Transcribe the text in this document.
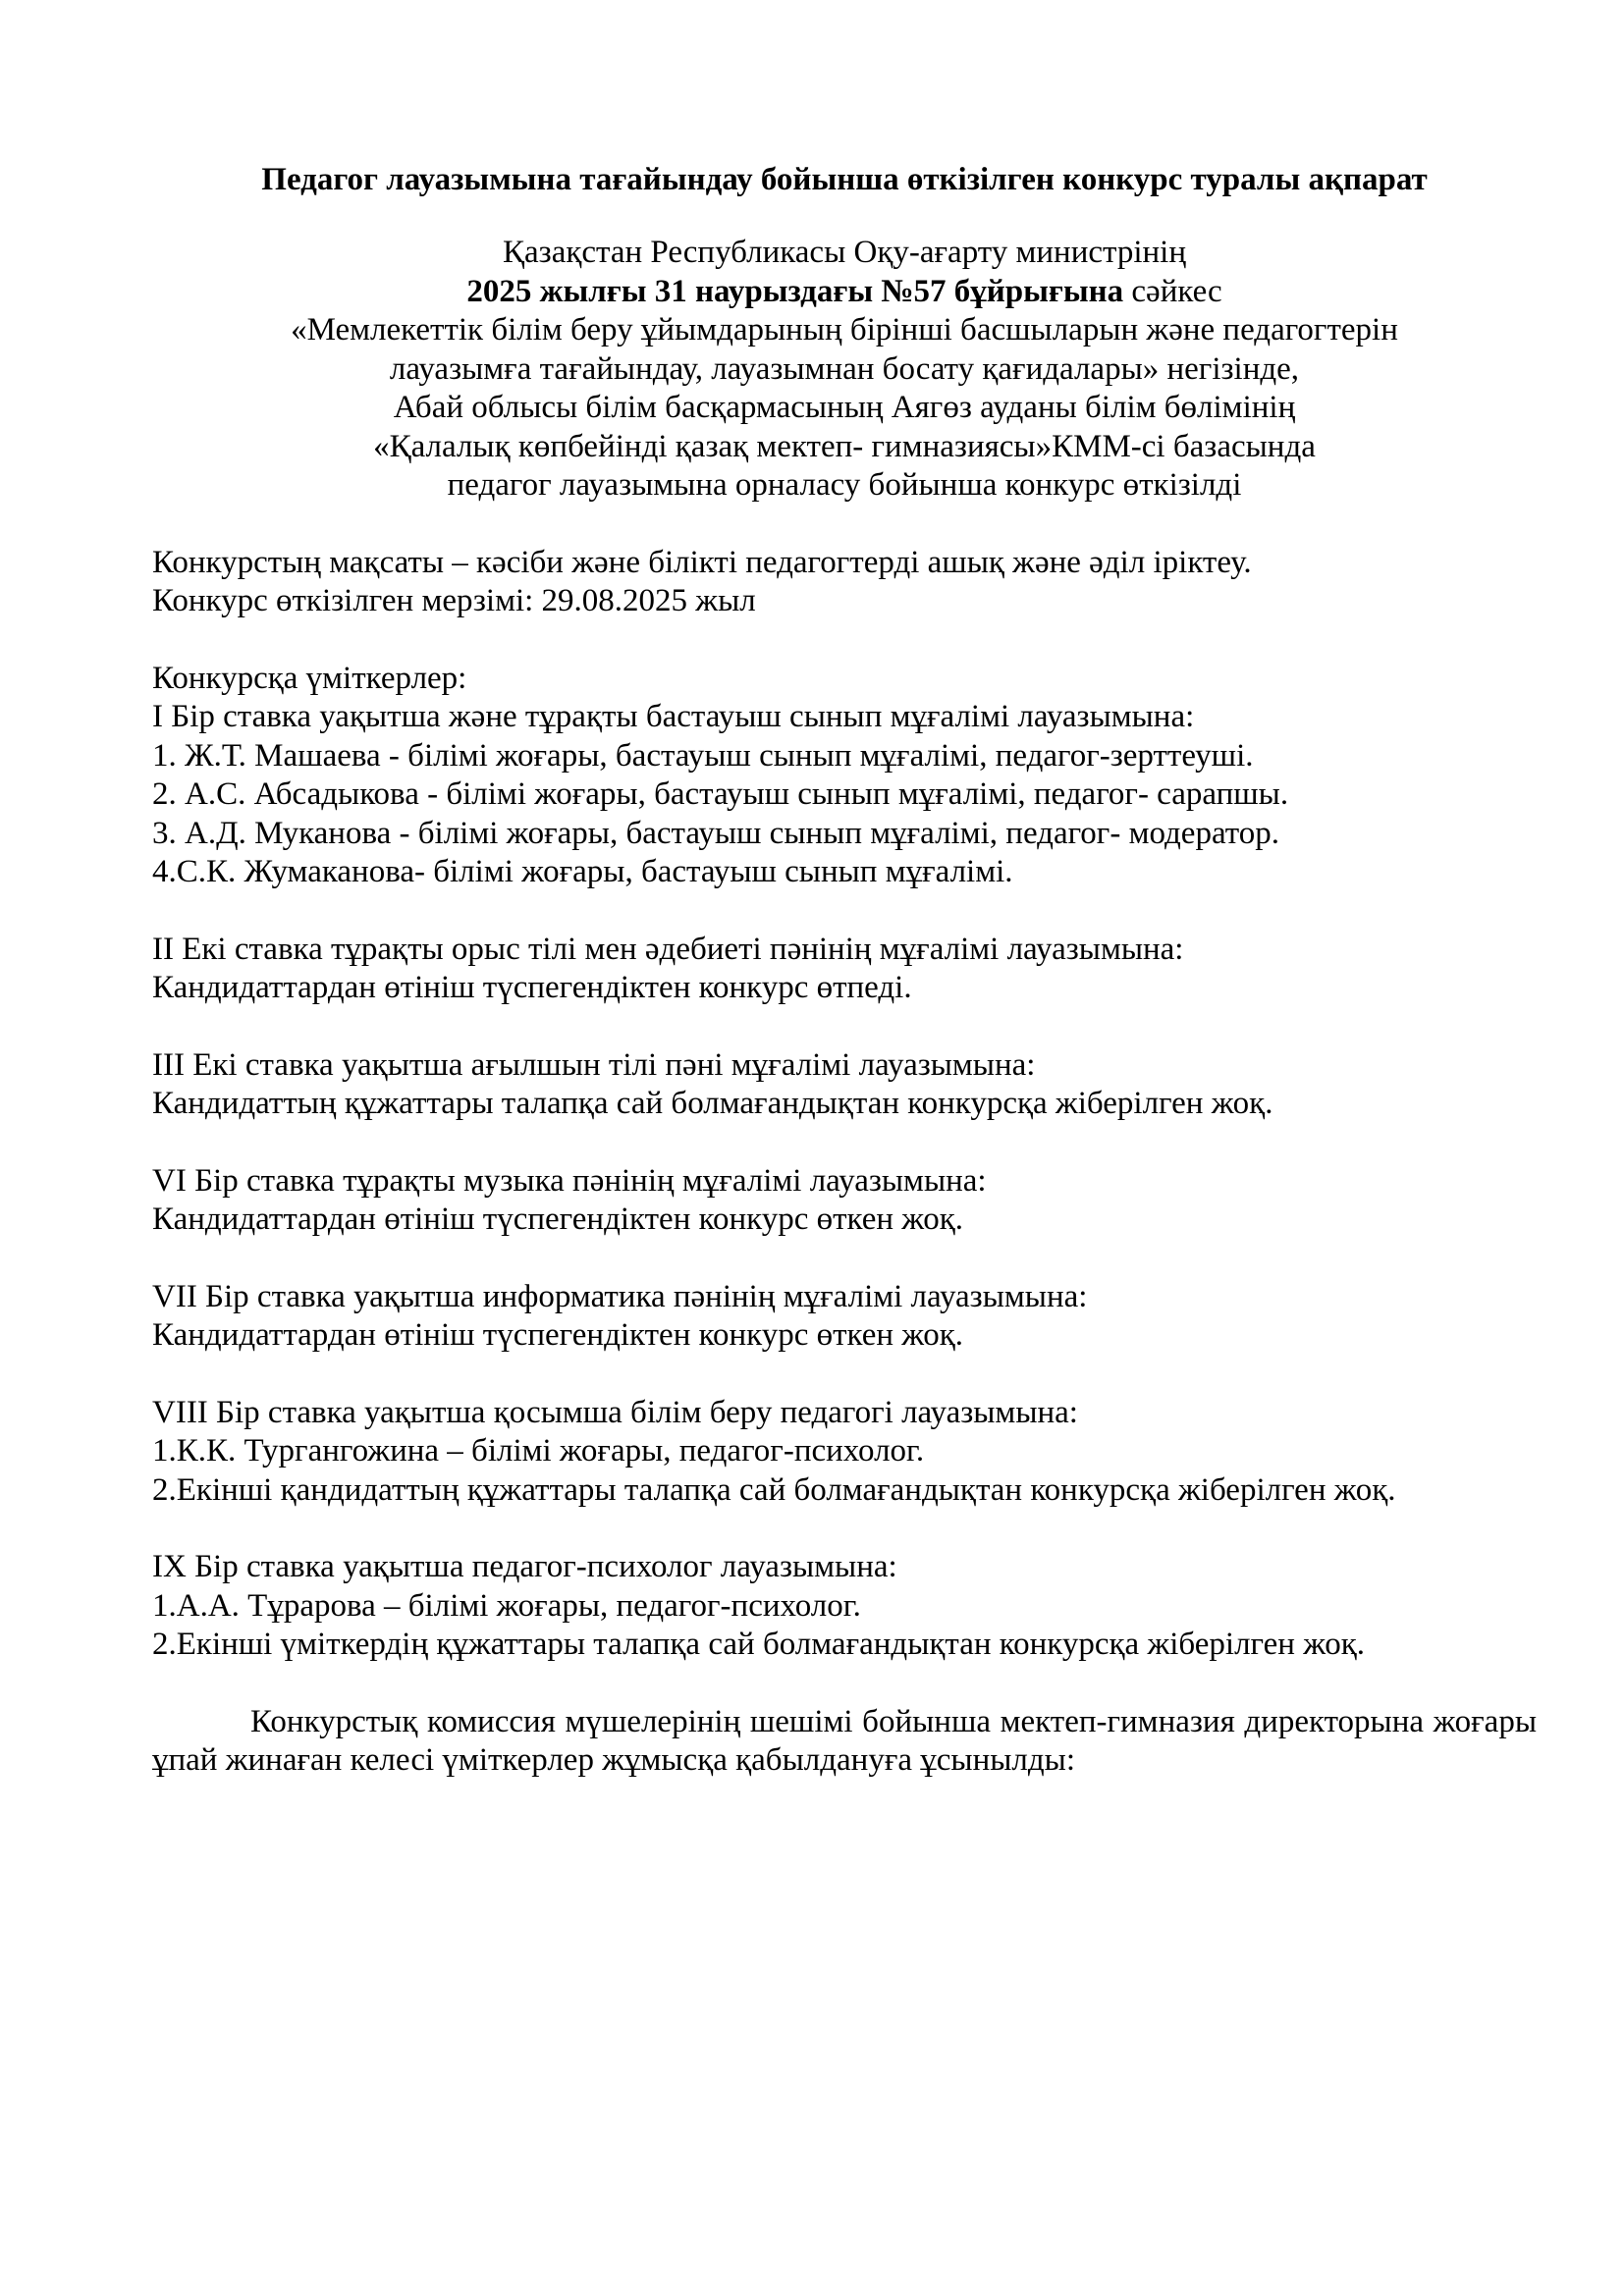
Педагог лауазымына тағайындау бойынша өткізілген конкурс туралы ақпарат
Қазақстан Республикасы Оқу-ағарту министрінің
2025 жылғы 31 наурыздағы №57 бұйрығына сәйкес
«Мемлекеттік білім беру ұйымдарының бірінші басшыларын және педагогтерін
лауазымға тағайындау, лауазымнан босату қағидалары» негізінде,
Абай облысы білім басқармасының Аягөз ауданы білім бөлімінің
«Қалалық көпбейінді қазақ мектеп- гимназиясы»КММ-сі базасында
педагог лауазымына орналасу бойынша конкурс өткізілді
Конкурстың мақсаты – кәсіби және білікті педагогтерді ашық және әділ іріктеу.
Конкурс өткізілген мерзімі: 29.08.2025 жыл
Конкурсқа үміткерлер:
I Бір ставка уақытша және тұрақты бастауыш сынып мұғалімі лауазымына:
1. Ж.Т. Машаева - білімі жоғары, бастауыш сынып мұғалімі, педагог-зерттеуші.
2. А.С. Абсадыкова - білімі жоғары, бастауыш сынып мұғалімі, педагог- сарапшы.
3. А.Д. Муканова - білімі жоғары, бастауыш сынып мұғалімі, педагог- модератор.
4.С.К. Жумаканова- білімі жоғары, бастауыш сынып мұғалімі.
II Екі ставка тұрақты орыс тілі мен әдебиеті пәнінің мұғалімі лауазымына:
Кандидаттардан өтініш түспегендіктен конкурс өтпеді.
III Екі ставка уақытша ағылшын тілі пәні мұғалімі лауазымына:
Кандидаттың құжаттары талапқа сай болмағандықтан конкурсқа жіберілген жоқ.
VI Бір ставка тұрақты музыка пәнінің мұғалімі лауазымына:
Кандидаттардан өтініш түспегендіктен конкурс өткен жоқ.
VII Бір ставка уақытша информатика пәнінің мұғалімі лауазымына:
Кандидаттардан өтініш түспегендіктен конкурс өткен жоқ.
VIII Бір ставка уақытша қосымша білім беру педагогі лауазымына:
1.К.К. Тургангожина – білімі жоғары, педагог-психолог.
2.Екінші қандидаттың құжаттары талапқа сай болмағандықтан конкурсқа жіберілген жоқ.
IX Бір ставка уақытша педагог-психолог лауазымына:
1.А.А. Тұрарова – білімі жоғары, педагог-психолог.
2.Екінші үміткердің құжаттары талапқа сай болмағандықтан конкурсқа жіберілген жоқ.
Конкурстық комиссия мүшелерінің шешімі бойынша мектеп-гимназия директорына жоғары ұпай жинаған келесі үміткерлер жұмысқа қабылдануға ұсынылды:
